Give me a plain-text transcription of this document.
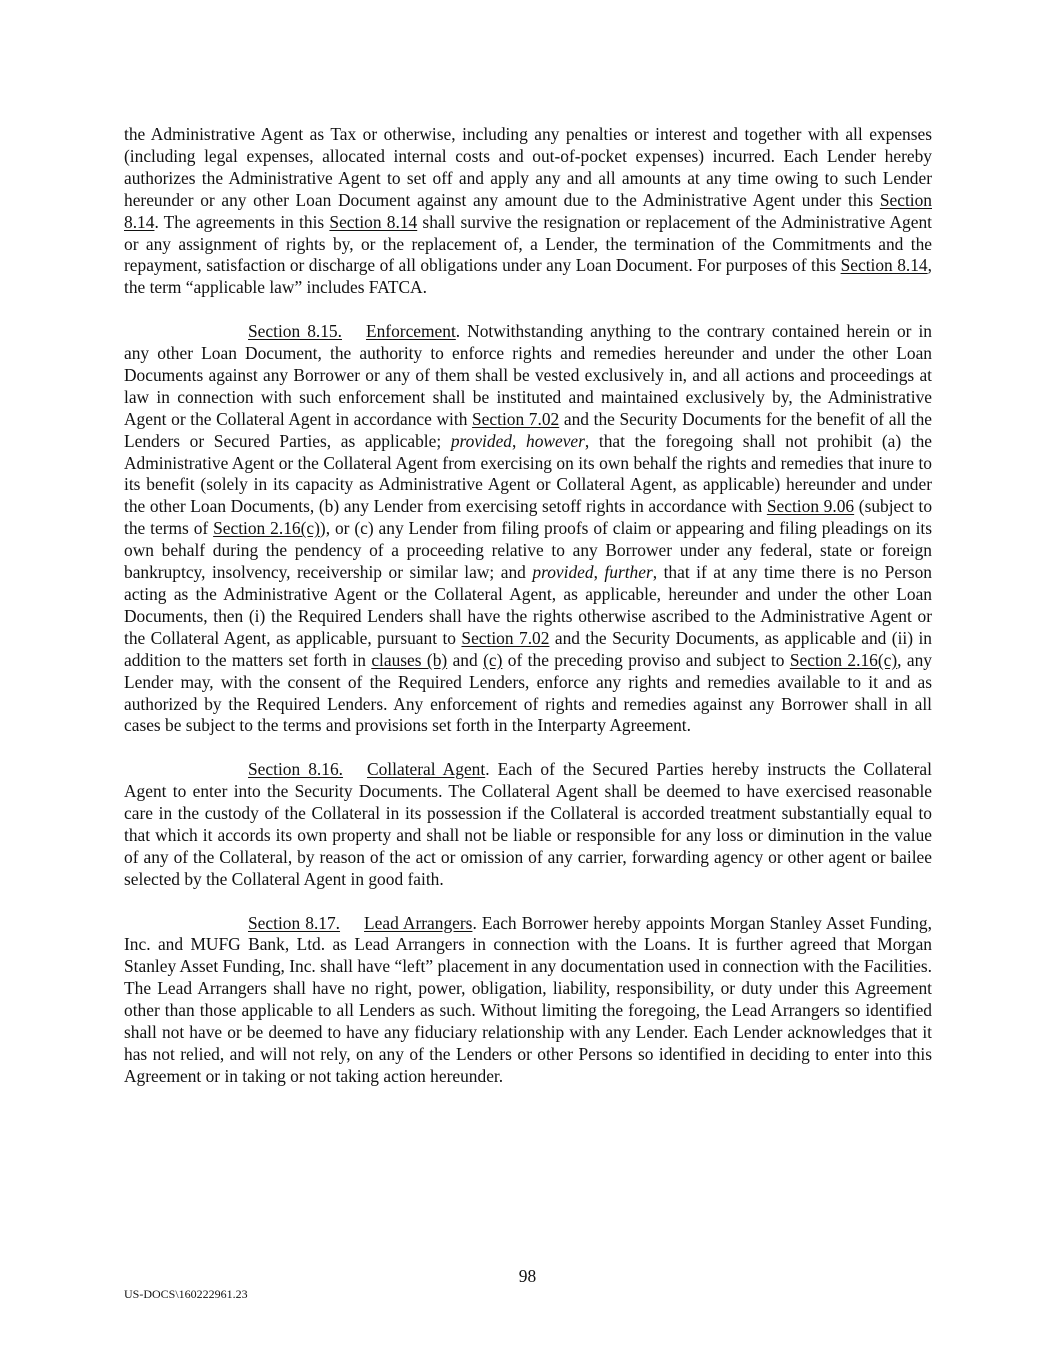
the Administrative Agent as Tax or otherwise, including any penalties or interest and together with all expenses (including legal expenses, allocated internal costs and out-of-pocket expenses) incurred. Each Lender hereby authorizes the Administrative Agent to set off and apply any and all amounts at any time owing to such Lender hereunder or any other Loan Document against any amount due to the Administrative Agent under this Section 8.14. The agreements in this Section 8.14 shall survive the resignation or replacement of the Administrative Agent or any assignment of rights by, or the replacement of, a Lender, the termination of the Commitments and the repayment, satisfaction or discharge of all obligations under any Loan Document. For purposes of this Section 8.14, the term “applicable law” includes FATCA.

Section 8.15. Enforcement. Notwithstanding anything to the contrary contained herein or in any other Loan Document, the authority to enforce rights and remedies hereunder and under the other Loan Documents against any Borrower or any of them shall be vested exclusively in, and all actions and proceedings at law in connection with such enforcement shall be instituted and maintained exclusively by, the Administrative Agent or the Collateral Agent in accordance with Section 7.02 and the Security Documents for the benefit of all the Lenders or Secured Parties, as applicable; provided, however, that the foregoing shall not prohibit (a) the Administrative Agent or the Collateral Agent from exercising on its own behalf the rights and remedies that inure to its benefit (solely in its capacity as Administrative Agent or Collateral Agent, as applicable) hereunder and under the other Loan Documents, (b) any Lender from exercising setoff rights in accordance with Section 9.06 (subject to the terms of Section 2.16(c)), or (c) any Lender from filing proofs of claim or appearing and filing pleadings on its own behalf during the pendency of a proceeding relative to any Borrower under any federal, state or foreign bankruptcy, insolvency, receivership or similar law; and provided, further, that if at any time there is no Person acting as the Administrative Agent or the Collateral Agent, as applicable, hereunder and under the other Loan Documents, then (i) the Required Lenders shall have the rights otherwise ascribed to the Administrative Agent or the Collateral Agent, as applicable, pursuant to Section 7.02 and the Security Documents, as applicable and (ii) in addition to the matters set forth in clauses (b) and (c) of the preceding proviso and subject to Section 2.16(c), any Lender may, with the consent of the Required Lenders, enforce any rights and remedies available to it and as authorized by the Required Lenders. Any enforcement of rights and remedies against any Borrower shall in all cases be subject to the terms and provisions set forth in the Interparty Agreement.

Section 8.16. Collateral Agent. Each of the Secured Parties hereby instructs the Collateral Agent to enter into the Security Documents. The Collateral Agent shall be deemed to have exercised reasonable care in the custody of the Collateral in its possession if the Collateral is accorded treatment substantially equal to that which it accords its own property and shall not be liable or responsible for any loss or diminution in the value of any of the Collateral, by reason of the act or omission of any carrier, forwarding agency or other agent or bailee selected by the Collateral Agent in good faith.

Section 8.17. Lead Arrangers. Each Borrower hereby appoints Morgan Stanley Asset Funding, Inc. and MUFG Bank, Ltd. as Lead Arrangers in connection with the Loans. It is further agreed that Morgan Stanley Asset Funding, Inc. shall have “left” placement in any documentation used in connection with the Facilities. The Lead Arrangers shall have no right, power, obligation, liability, responsibility, or duty under this Agreement other than those applicable to all Lenders as such. Without limiting the foregoing, the Lead Arrangers so identified shall not have or be deemed to have any fiduciary relationship with any Lender. Each Lender acknowledges that it has not relied, and will not rely, on any of the Lenders or other Persons so identified in deciding to enter into this Agreement or in taking or not taking action hereunder.

98
US-DOCS\160222961.23
